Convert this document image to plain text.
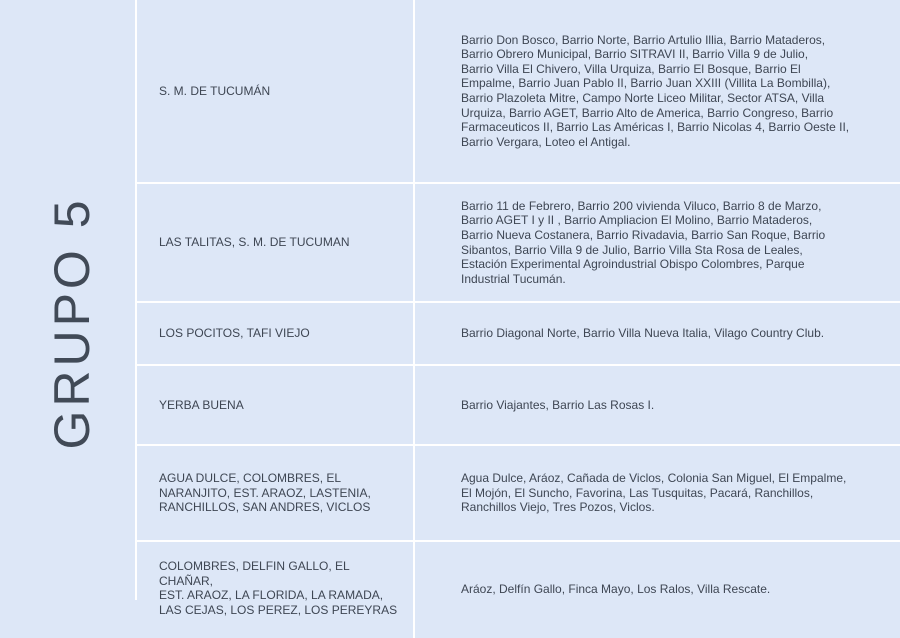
GRUPO 5
S. M. DE TUCUMÁN
Barrio Don Bosco, Barrio Norte, Barrio Artulio Illia, Barrio Mataderos,
Barrio Obrero Municipal, Barrio SITRAVI II, Barrio Villa 9 de Julio,
Barrio Villa El Chivero, Villa Urquiza, Barrio El Bosque, Barrio El
Empalme, Barrio Juan Pablo II, Barrio Juan XXIII (Villita La Bombilla),
Barrio Plazoleta Mitre, Campo Norte Liceo Militar, Sector ATSA, Villa
Urquiza, Barrio AGET, Barrio Alto de America, Barrio Congreso, Barrio
Farmaceuticos II, Barrio Las Américas I, Barrio Nicolas 4, Barrio Oeste II,
Barrio Vergara, Loteo el Antigal.
LAS TALITAS, S. M. DE TUCUMAN
Barrio 11 de Febrero, Barrio 200 vivienda Viluco, Barrio 8 de Marzo,
Barrio AGET I y II , Barrio Ampliacion El Molino, Barrio Mataderos,
Barrio Nueva Costanera, Barrio Rivadavia, Barrio San Roque, Barrio
Sibantos, Barrio Villa 9 de Julio, Barrio Villa Sta Rosa de Leales,
Estación Experimental Agroindustrial Obispo Colombres, Parque
Industrial Tucumán.
LOS POCITOS, TAFI VIEJO	Barrio Diagonal Norte, Barrio Villa Nueva Italia, Vilago Country Club.
YERBA BUENA	Barrio Viajantes, Barrio Las Rosas I.
AGUA DULCE, COLOMBRES, EL
NARANJITO, EST. ARAOZ, LASTENIA,
RANCHILLOS, SAN ANDRES, VICLOS
Agua Dulce, Aráoz, Cañada de Viclos, Colonia San Miguel, El Empalme,
El Mojón, El Suncho, Favorina, Las Tusquitas, Pacará, Ranchillos,
Ranchillos Viejo, Tres Pozos, Viclos.
COLOMBRES, DELFIN GALLO, EL CHAÑAR,
EST. ARAOZ, LA FLORIDA, LA RAMADA,
LAS CEJAS, LOS PEREZ, LOS PEREYRAS
Aráoz, Delfín Gallo, Finca Mayo, Los Ralos, Villa Rescate.
